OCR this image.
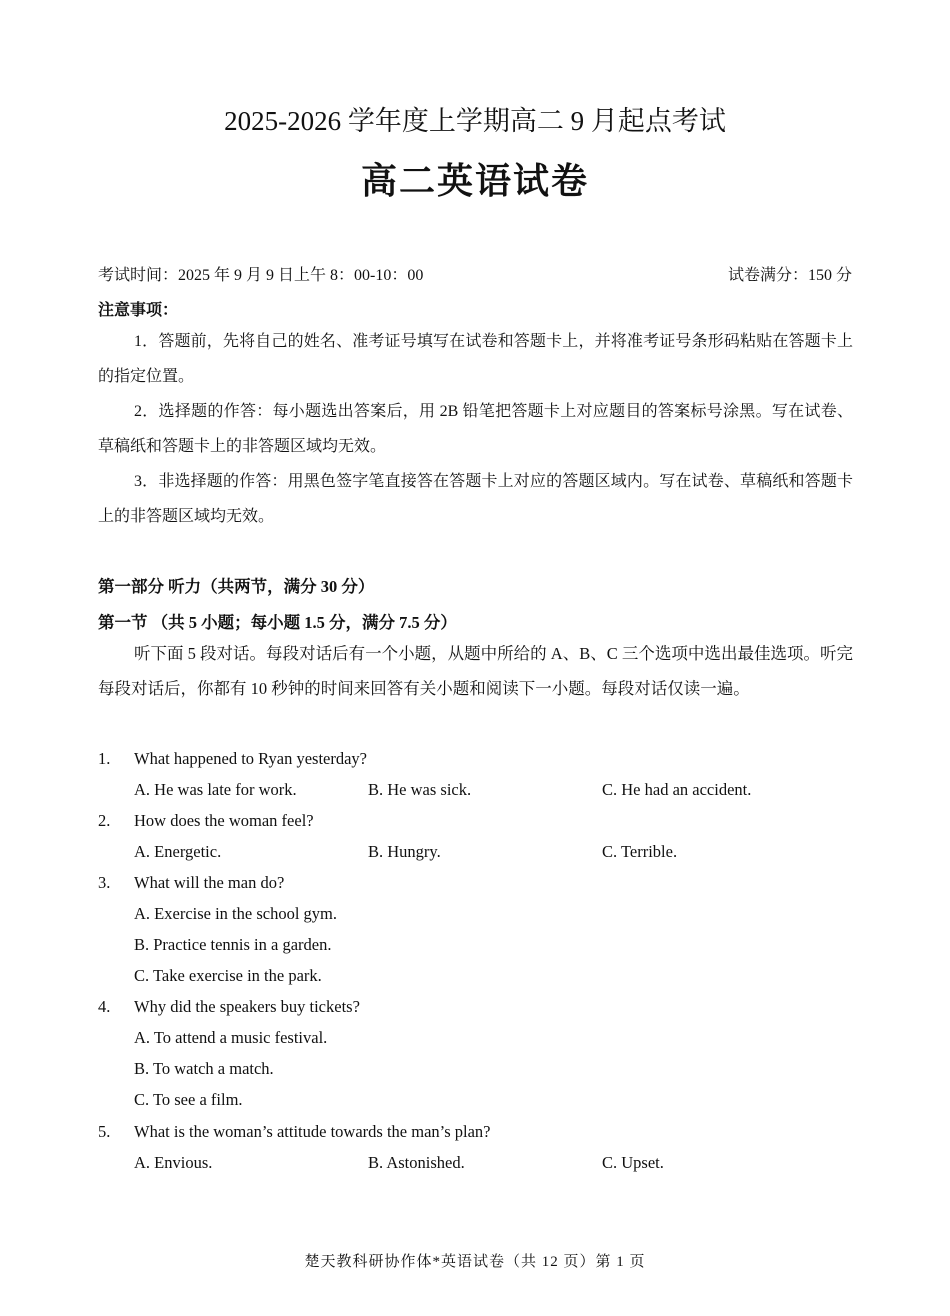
2025-2026 学年度上学期高二 9 月起点考试
高二英语试卷
考试时间：2025 年 9 月 9 日上午 8：00-10：00	试卷满分：150 分
注意事项：
1．答题前，先将自己的姓名、准考证号填写在试卷和答题卡上，并将准考证号条形码粘贴在答题卡上的指定位置。
2．选择题的作答：每小题选出答案后，用 2B 铅笔把答题卡上对应题目的答案标号涂黑。写在试卷、草稿纸和答题卡上的非答题区域均无效。
3．非选择题的作答：用黑色签字笔直接答在答题卡上对应的答题区域内。写在试卷、草稿纸和答题卡上的非答题区域均无效。
第一部分 听力（共两节，满分 30 分）
第一节 （共 5 小题；每小题 1.5 分，满分 7.5 分）
听下面 5 段对话。每段对话后有一个小题，从题中所给的 A、B、C 三个选项中选出最佳选项。听完每段对话后，你都有 10 秒钟的时间来回答有关小题和阅读下一小题。每段对话仅读一遍。
1. What happened to Ryan yesterday?
A. He was late for work.	B. He was sick.	C. He had an accident.
2. How does the woman feel?
A. Energetic.	B. Hungry.	C. Terrible.
3. What will the man do?
A. Exercise in the school gym.
B. Practice tennis in a garden.
C. Take exercise in the park.
4. Why did the speakers buy tickets?
A. To attend a music festival.
B. To watch a match.
C. To see a film.
5. What is the woman’s attitude towards the man’s plan?
A. Envious.	B. Astonished.	C. Upset.
楚天教科研协作体*英语试卷（共 12 页）第 1 页
